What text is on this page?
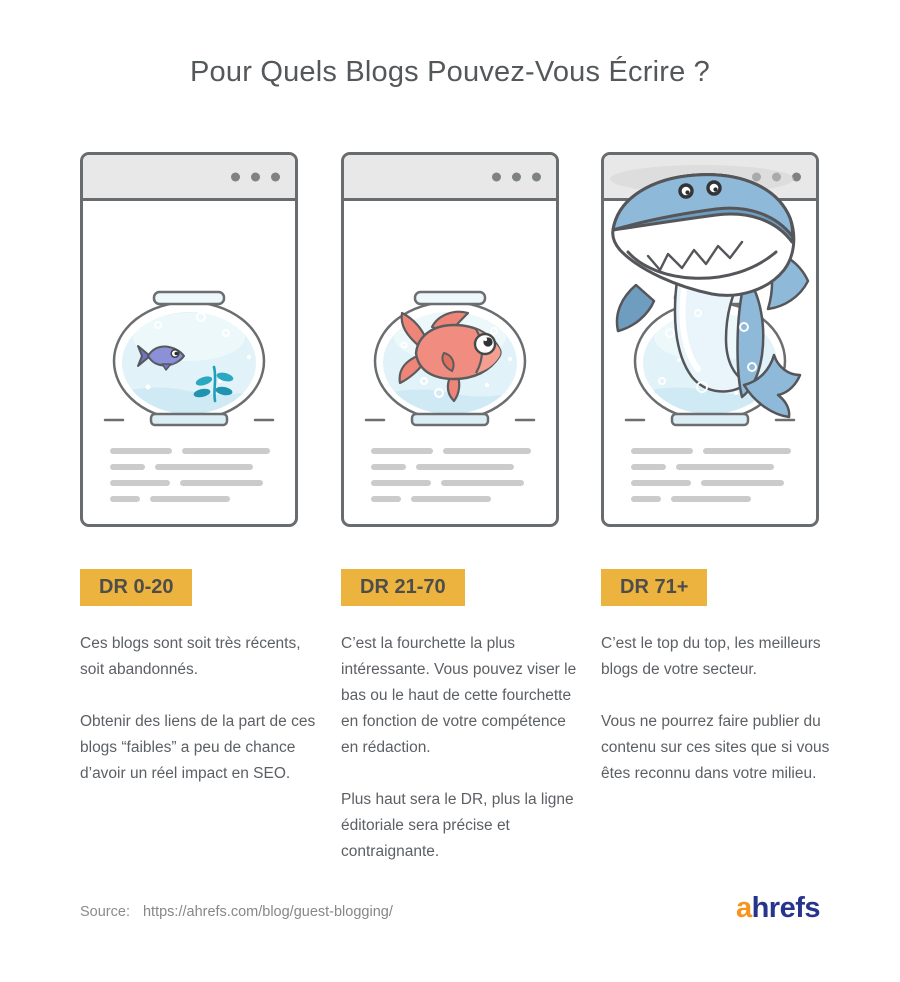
Pour Quels Blogs Pouvez-Vous Écrire ?
DR 0-20

Ces blogs sont soit très récents, soit abandonnés.

Obtenir des liens de la part de ces blogs “faibles” a peu de chance d’avoir un réel impact en SEO.

DR 21-70

C’est la fourchette la plus intéressante. Vous pouvez viser le bas ou le haut de cette fourchette en fonction de votre compétence en rédaction.

Plus haut sera le DR, plus la ligne éditoriale sera précise et contraignante.

DR 71+

C’est le top du top, les meilleurs blogs de votre secteur.

Vous ne pourrez faire publier du contenu sur ces sites que si vous êtes reconnu dans votre milieu.

Source: https://ahrefs.com/blog/guest-blogging/	ahrefs
